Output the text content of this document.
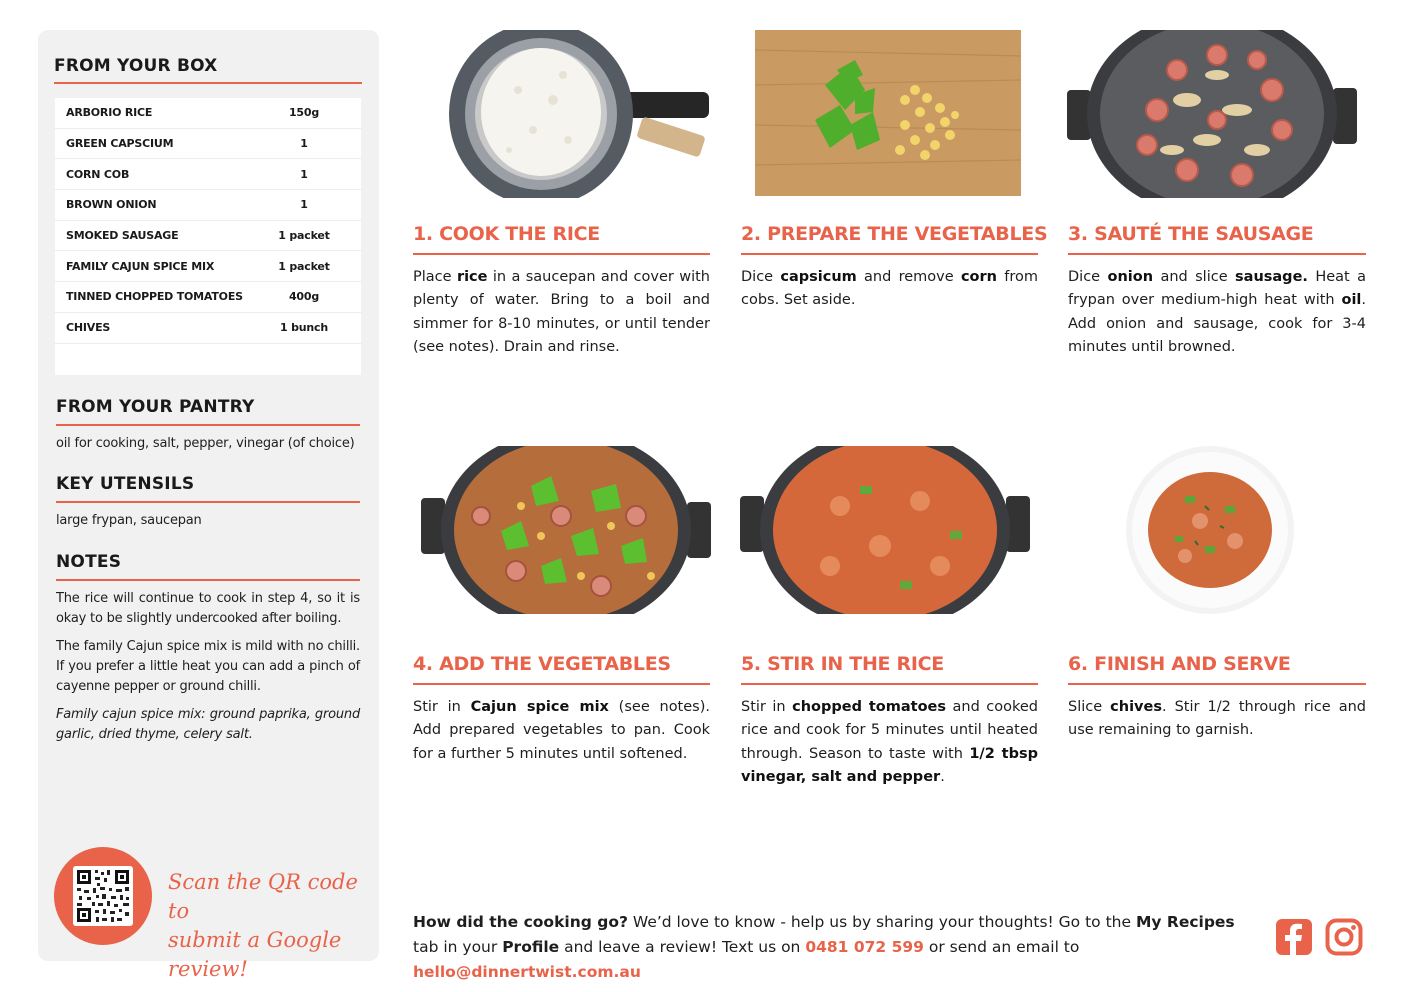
FROM YOUR BOX
ARBORIO RICE	150g
GREEN CAPSCIUM	1
CORN COB	1
BROWN ONION	1
SMOKED SAUSAGE	1 packet
FAMILY CAJUN SPICE MIX	1 packet
TINNED CHOPPED TOMATOES	400g
CHIVES	1 bunch
FROM YOUR PANTRY
oil for cooking, salt, pepper, vinegar (of choice)
KEY UTENSILS
large frypan, saucepan
NOTES
The rice will continue to cook in step 4, so it is okay to be slightly undercooked after boiling.
The family Cajun spice mix is mild with no chilli. If you prefer a little heat you can add a pinch of cayenne pepper or ground chilli.
Family cajun spice mix: ground paprika, ground garlic, dried thyme, celery salt.
Scan the QR code to
submit a Google review!
1. COOK THE RICE
Place rice in a saucepan and cover with plenty of water. Bring to a boil and simmer for 8-10 minutes, or until tender (see notes). Drain and rinse.
2. PREPARE THE VEGETABLES
Dice capsicum and remove corn from cobs. Set aside.
3. SAUTÉ THE SAUSAGE
Dice onion and slice sausage. Heat a frypan over medium-high heat with oil. Add onion and sausage, cook for 3-4 minutes until browned.
4. ADD THE VEGETABLES
Stir in Cajun spice mix (see notes). Add prepared vegetables to pan. Cook for a further 5 minutes until softened.
5. STIR IN THE RICE
Stir in chopped tomatoes and cooked rice and cook for 5 minutes until heated through. Season to taste with 1/2 tbsp vinegar, salt and pepper.
6. FINISH AND SERVE
Slice chives. Stir 1/2 through rice and use remaining to garnish.
How did the cooking go? We’d love to know - help us by sharing your thoughts! Go to the My Recipes tab in your Profile and leave a review! Text us on 0481 072 599 or send an email to hello@dinnertwist.com.au
